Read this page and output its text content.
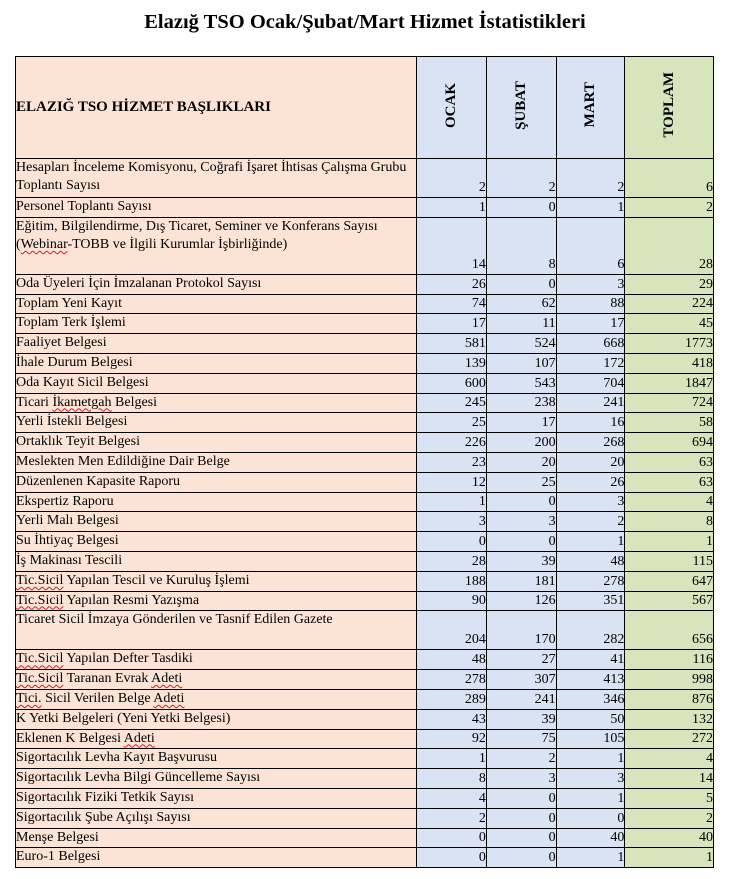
Elazığ TSO Ocak/Şubat/Mart Hizmet İstatistikleri
ELAZIĞ TSO HİZMET BAŞLIKLARI	OCAK	ŞUBAT	MART	TOPLAM
Hesapları İnceleme Komisyonu, Coğrafi İşaret İhtisas Çalışma Grubu Toplantı Sayısı	2	2	2	6
Personel Toplantı Sayısı	1	0	1	2
Eğitim, Bilgilendirme, Dış Ticaret, Seminer ve Konferans Sayısı (Webinar-TOBB ve İlgili Kurumlar İşbirliğinde)	14	8	6	28
Oda Üyeleri İçin İmzalanan Protokol Sayısı	26	0	3	29
Toplam Yeni Kayıt	74	62	88	224
Toplam Terk İşlemi	17	11	17	45
Faaliyet Belgesi	581	524	668	1773
İhale Durum Belgesi	139	107	172	418
Oda Kayıt Sicil Belgesi	600	543	704	1847
Ticari İkametgah Belgesi	245	238	241	724
Yerli İstekli Belgesi	25	17	16	58
Ortaklık Teyit Belgesi	226	200	268	694
Meslekten Men Edildiğine Dair Belge	23	20	20	63
Düzenlenen Kapasite Raporu	12	25	26	63
Ekspertiz Raporu	1	0	3	4
Yerli Malı Belgesi	3	3	2	8
Su İhtiyaç Belgesi	0	0	1	1
İş Makinası Tescili	28	39	48	115
Tic.Sicil Yapılan Tescil ve Kuruluş İşlemi	188	181	278	647
Tic.Sicil Yapılan Resmi Yazışma	90	126	351	567
Ticaret Sicil İmzaya Gönderilen ve Tasnif Edilen Gazete	204	170	282	656
Tic.Sicil Yapılan Defter Tasdiki	48	27	41	116
Tic.Sicil Taranan Evrak Adeti	278	307	413	998
Tici. Sicil Verilen Belge Adeti	289	241	346	876
K Yetki Belgeleri (Yeni Yetki Belgesi)	43	39	50	132
Eklenen K Belgesi Adeti	92	75	105	272
Sigortacılık Levha Kayıt Başvurusu	1	2	1	4
Sigortacılık Levha Bilgi Güncelleme Sayısı	8	3	3	14
Sigortacılık Fiziki Tetkik Sayısı	4	0	1	5
Sigortacılık Şube Açılışı Sayısı	2	0	0	2
Menşe Belgesi	0	0	40	40
Euro-1 Belgesi	0	0	1	1
